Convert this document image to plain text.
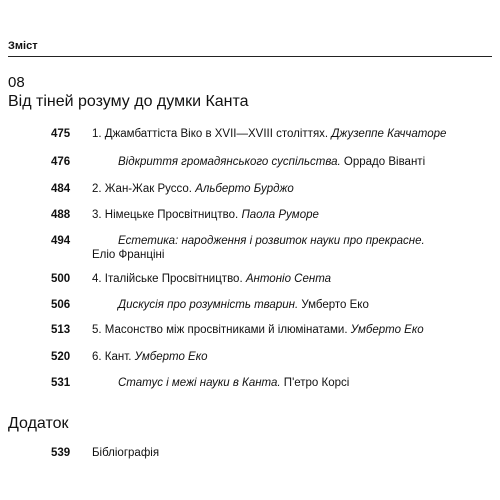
Зміст
08
Від тіней розуму до думки Канта
475 1. Джамбаттіста Віко в XVII—XVIII століттях. Джузеппе Каччаторе
476	Відкриття громадянського суспільства. Оррадо Віванті
484 2. Жан-Жак Руссо. Альберто Бурджо
488 3. Німецьке Просвітництво. Паола Руморе
494	Естетика: народження і розвиток науки про прекрасне.
Еліо Франціні
500 4. Італійське Просвітництво. Антоніо Сента
506	Дискусія про розумність тварин. Умберто Еко
513 5. Масонство між просвітниками й ілюмінатами. Умберто Еко
520 6. Кант. Умберто Еко
531	Статус і межі науки в Канта. П'етро Корсі
Додаток
539 Бібліографія
